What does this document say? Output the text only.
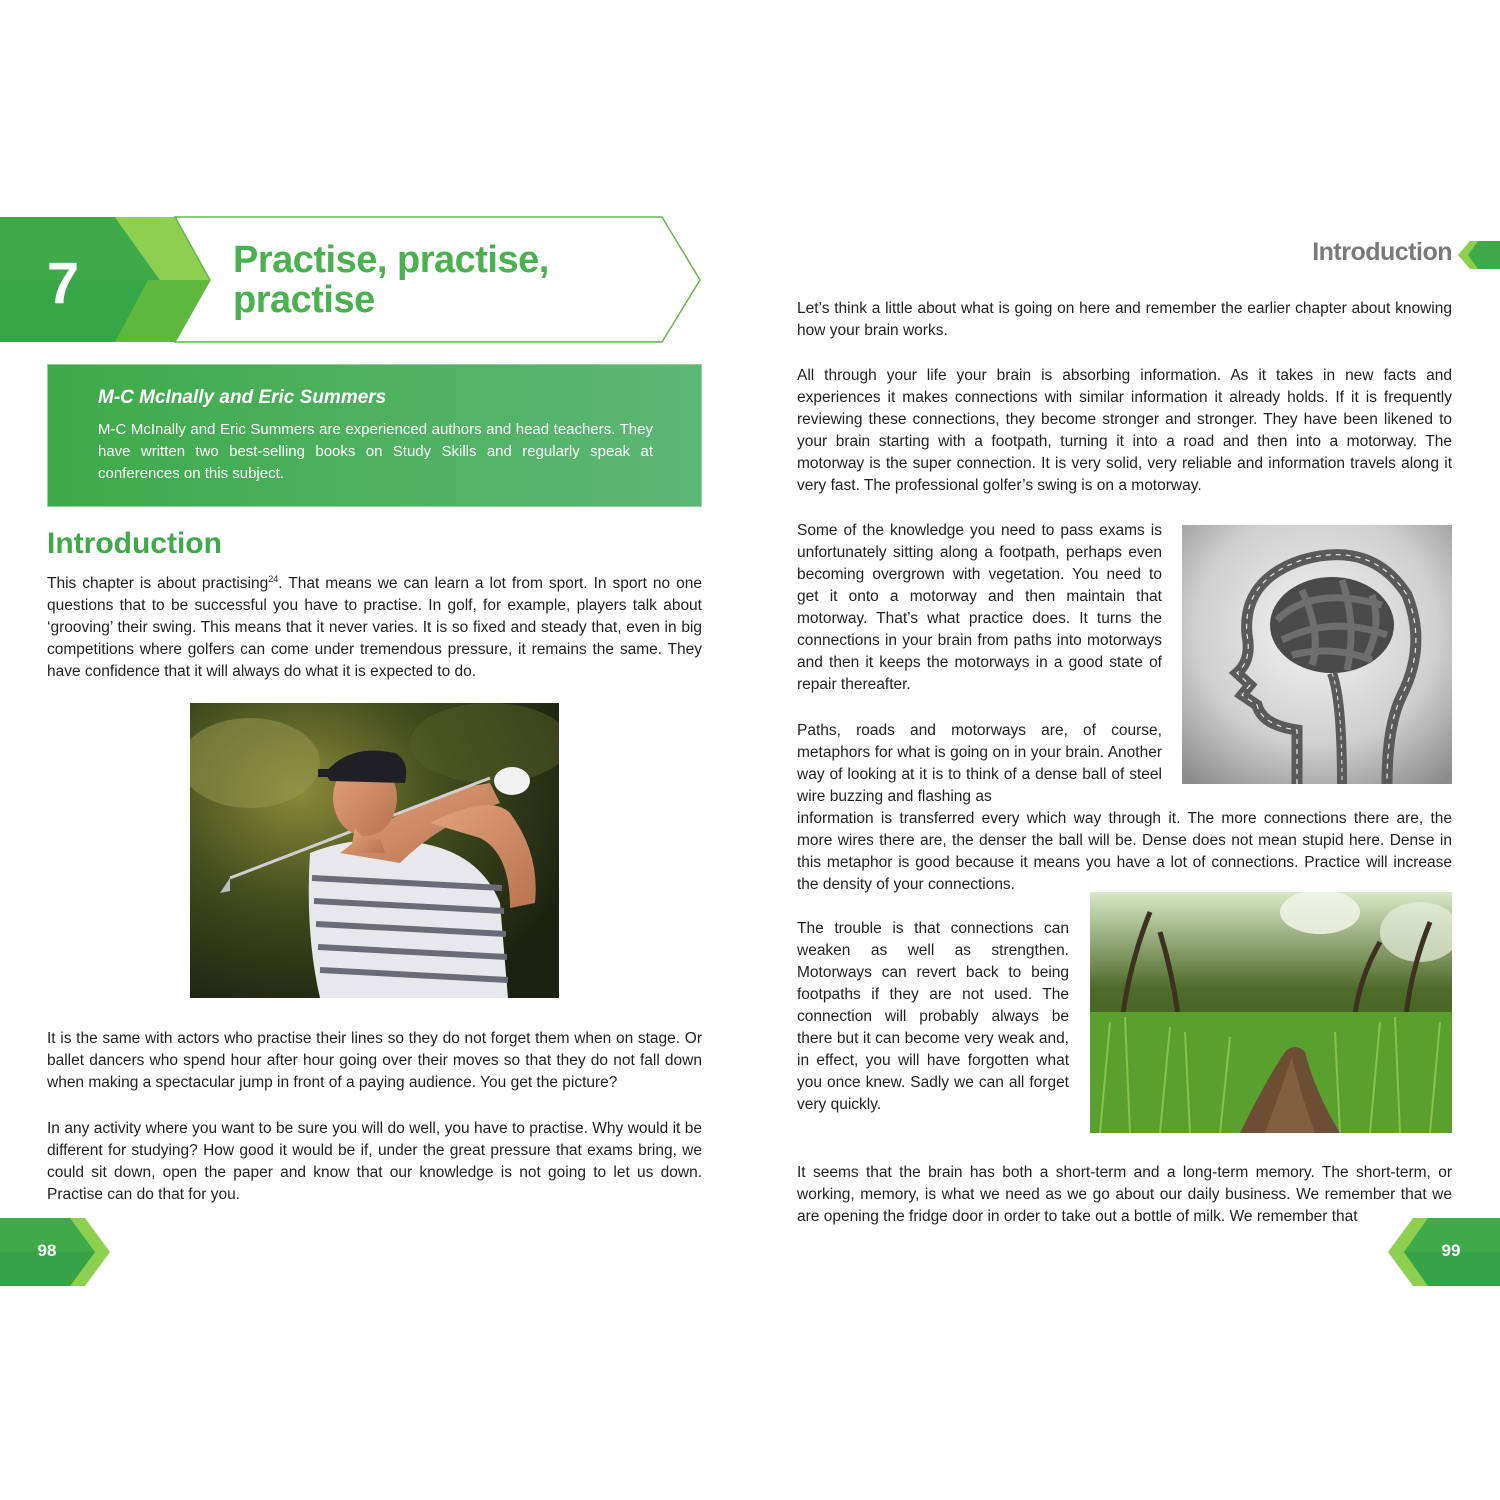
7	Practise, practise,
practise
M-C McInally and Eric Summers

M-C McInally and Eric Summers are experienced authors and head teachers. They have written two best-selling books on Study Skills and regularly speak at conferences on this subject.

Introduction

This chapter is about practising$^{24}$. That means we can learn a lot from sport. In sport no one questions that to be successful you have to practise. In golf, for example, players talk about ‘grooving’ their swing. This means that it never varies. It is so fixed and steady that, even in big competitions where golfers can come under tremendous pressure, it remains the same. They have confidence that it will always do what it is expected to do.

It is the same with actors who practise their lines so they do not forget them when on stage. Or ballet dancers who spend hour after hour going over their moves so that they do not fall down when making a spectacular jump in front of a paying audience. You get the picture?

In any activity where you want to be sure you will do well, you have to practise. Why would it be different for studying? How good it would be if, under the great pressure that exams bring, we could sit down, open the paper and know that our knowledge is not going to let us down. Practise can do that for you.

98
Introduction

Let’s think a little about what is going on here and remember the earlier chapter about knowing how your brain works.

All through your life your brain is absorbing information. As it takes in new facts and experiences it makes connections with similar information it already holds. If it is frequently reviewing these connections, they become stronger and stronger. They have been likened to your brain starting with a footpath, turning it into a road and then into a motorway. The motorway is the super connection. It is very solid, very reliable and information travels along it very fast. The professional golfer’s swing is on a motorway.

Some of the knowledge you need to pass exams is unfortunately sitting along a footpath, perhaps even becoming overgrown with vegetation. You need to get it onto a motorway and then maintain that motorway. That’s what practice does. It turns the connections in your brain from paths into motorways and then it keeps the motorways in a good state of repair thereafter.

Paths, roads and motorways are, of course, metaphors for what is going on in your brain. Another way of looking at it is to think of a dense ball of steel wire buzzing and flashing as

information is transferred every which way through it. The more connections there are, the more wires there are, the denser the ball will be. Dense does not mean stupid here. Dense in this metaphor is good because it means you have a lot of connections. Practice will increase the density of your connections.

The trouble is that connections can weaken as well as strengthen. Motorways can revert back to being footpaths if they are not used. The connection will probably always be there but it can become very weak and, in effect, you will have forgotten what you once knew. Sadly we can all forget very quickly.

It seems that the brain has both a short-term and a long-term memory. The short-term, or working, memory, is what we need as we go about our daily business. We remember that we are opening the fridge door in order to take out a bottle of milk. We remember that

99
